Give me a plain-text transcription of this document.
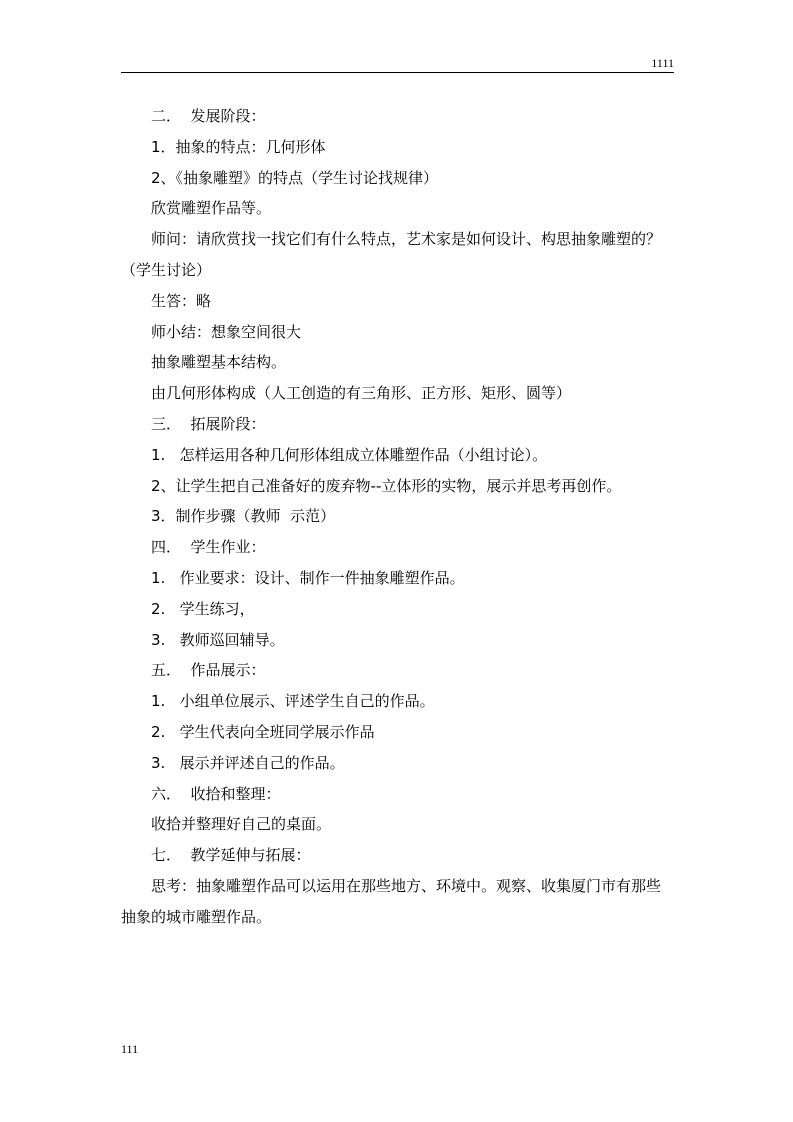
1111

二．  发展阶段：

1．抽象的特点：几何形体

2、《抽象雕塑》的特点（学生讨论找规律）

欣赏雕塑作品等。

师问：请欣赏找一找它们有什么特点，艺术家是如何设计、构思抽象雕塑的？（学生讨论）

生答：略

师小结：想象空间很大

抽象雕塑基本结构。

由几何形体构成（人工创造的有三角形、正方形、矩形、圆等）

三．  拓展阶段：

1.   怎样运用各种几何形体组成立体雕塑作品（小组讨论）。

2、让学生把自己准备好的废弃物--立体形的实物，展示并思考再创作。

3．制作步骤（教师  示范）

四．  学生作业：

1.   作业要求：设计、制作一件抽象雕塑作品。

2.   学生练习，

3.   教师巡回辅导。

五．  作品展示：

1.   小组单位展示、评述学生自己的作品。

2.   学生代表向全班同学展示作品

3.   展示并评述自己的作品。

六．  收拾和整理：

收拾并整理好自己的桌面。

七．  教学延伸与拓展：

思考：抽象雕塑作品可以运用在那些地方、环境中。观察、收集厦门市有那些抽象的城市雕塑作品。

111
